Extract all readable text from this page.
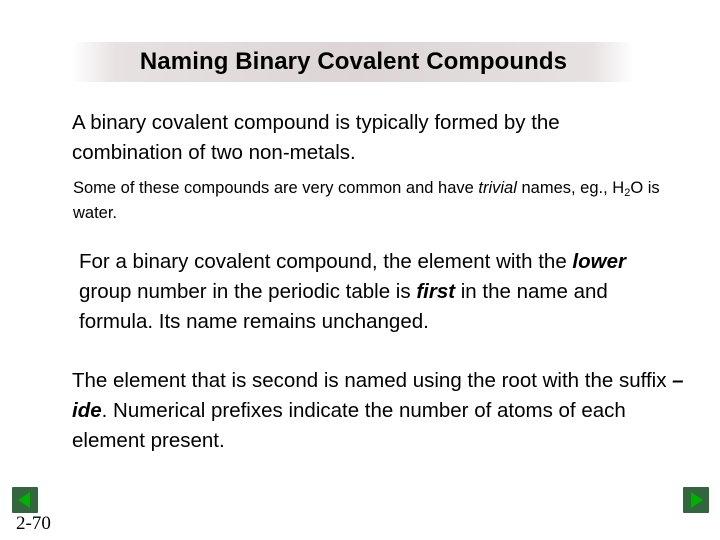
Naming Binary Covalent Compounds

A binary covalent compound is typically formed by the combination of two non-metals.

Some of these compounds are very common and have trivial names, eg., $H_2O$ is water.

For a binary covalent compound, the element with the lower group number in the periodic table is first in the name and formula. Its name remains unchanged.

The element that is second is named using the root with the suffix –ide. Numerical prefixes indicate the number of atoms of each element present.

2-70
